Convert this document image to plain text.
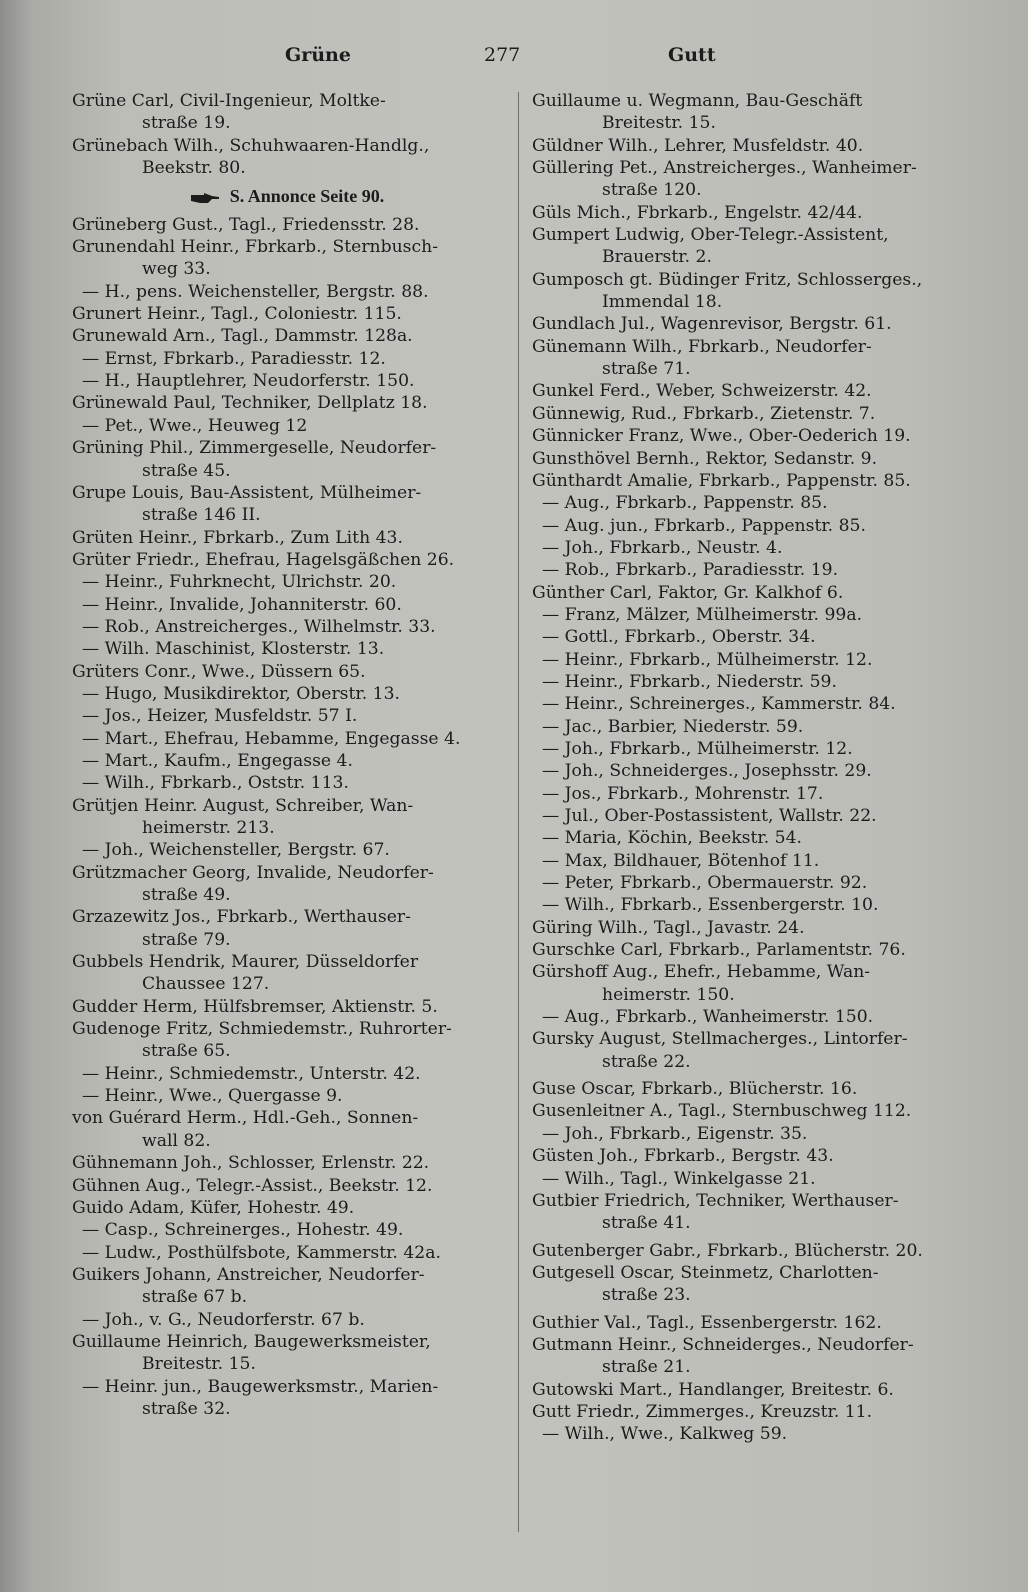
Grüne	277	Gutt
Grüne Carl, Civil-Ingenieur, Moltke-
straße 19.
Grünebach Wilh., Schuhwaaren-Handlg.,
Beekstr. 80.
S. Annonce Seite 90.
Grüneberg Gust., Tagl., Friedensstr. 28.
Grunendahl Heinr., Fbrkarb., Sternbusch-
weg 33.
— H., pens. Weichensteller, Bergstr. 88.
Grunert Heinr., Tagl., Coloniestr. 115.
Grunewald Arn., Tagl., Dammstr. 128a.
— Ernst, Fbrkarb., Paradiesstr. 12.
— H., Hauptlehrer, Neudorferstr. 150.
Grünewald Paul, Techniker, Dellplatz 18.
— Pet., Wwe., Heuweg 12
Grüning Phil., Zimmergeselle, Neudorfer-
straße 45.
Grupe Louis, Bau-Assistent, Mülheimer-
straße 146 II.
Grüten Heinr., Fbrkarb., Zum Lith 43.
Grüter Friedr., Ehefrau, Hagelsgäßchen 26.
— Heinr., Fuhrknecht, Ulrichstr. 20.
— Heinr., Invalide, Johanniterstr. 60.
— Rob., Anstreicherges., Wilhelmstr. 33.
— Wilh. Maschinist, Klosterstr. 13.
Grüters Conr., Wwe., Düssern 65.
— Hugo, Musikdirektor, Oberstr. 13.
— Jos., Heizer, Musfeldstr. 57 I.
— Mart., Ehefrau, Hebamme, Engegasse 4.
— Mart., Kaufm., Engegasse 4.
— Wilh., Fbrkarb., Oststr. 113.
Grütjen Heinr. August, Schreiber, Wan-
heimerstr. 213.
— Joh., Weichensteller, Bergstr. 67.
Grützmacher Georg, Invalide, Neudorfer-
straße 49.
Grzazewitz Jos., Fbrkarb., Werthauser-
straße 79.
Gubbels Hendrik, Maurer, Düsseldorfer
Chaussee 127.
Gudder Herm, Hülfsbremser, Aktienstr. 5.
Gudenoge Fritz, Schmiedemstr., Ruhrorter-
straße 65.
— Heinr., Schmiedemstr., Unterstr. 42.
— Heinr., Wwe., Quergasse 9.
von Guérard Herm., Hdl.-Geh., Sonnen-
wall 82.
Gühnemann Joh., Schlosser, Erlenstr. 22.
Gühnen Aug., Telegr.-Assist., Beekstr. 12.
Guido Adam, Küfer, Hohestr. 49.
— Casp., Schreinerges., Hohestr. 49.
— Ludw., Posthülfsbote, Kammerstr. 42a.
Guikers Johann, Anstreicher, Neudorfer-
straße 67 b.
— Joh., v. G., Neudorferstr. 67 b.
Guillaume Heinrich, Baugewerksmeister,
Breitestr. 15.
— Heinr. jun., Baugewerksmstr., Marien-
straße 32.
Guillaume u. Wegmann, Bau-Geschäft
Breitestr. 15.
Güldner Wilh., Lehrer, Musfeldstr. 40.
Güllering Pet., Anstreicherges., Wanheimer-
straße 120.
Güls Mich., Fbrkarb., Engelstr. 42/44.
Gumpert Ludwig, Ober-Telegr.-Assistent,
Brauerstr. 2.
Gumposch gt. Büdinger Fritz, Schlosserges.,
Immendal 18.
Gundlach Jul., Wagenrevisor, Bergstr. 61.
Günemann Wilh., Fbrkarb., Neudorfer-
straße 71.
Gunkel Ferd., Weber, Schweizerstr. 42.
Günnewig, Rud., Fbrkarb., Zietenstr. 7.
Günnicker Franz, Wwe., Ober-Oederich 19.
Gunsthövel Bernh., Rektor, Sedanstr. 9.
Günthardt Amalie, Fbrkarb., Pappenstr. 85.
— Aug., Fbrkarb., Pappenstr. 85.
— Aug. jun., Fbrkarb., Pappenstr. 85.
— Joh., Fbrkarb., Neustr. 4.
— Rob., Fbrkarb., Paradiesstr. 19.
Günther Carl, Faktor, Gr. Kalkhof 6.
— Franz, Mälzer, Mülheimerstr. 99a.
— Gottl., Fbrkarb., Oberstr. 34.
— Heinr., Fbrkarb., Mülheimerstr. 12.
— Heinr., Fbrkarb., Niederstr. 59.
— Heinr., Schreinerges., Kammerstr. 84.
— Jac., Barbier, Niederstr. 59.
— Joh., Fbrkarb., Mülheimerstr. 12.
— Joh., Schneiderges., Josephsstr. 29.
— Jos., Fbrkarb., Mohrenstr. 17.
— Jul., Ober-Postassistent, Wallstr. 22.
— Maria, Köchin, Beekstr. 54.
— Max, Bildhauer, Bötenhof 11.
— Peter, Fbrkarb., Obermauerstr. 92.
— Wilh., Fbrkarb., Essenbergerstr. 10.
Güring Wilh., Tagl., Javastr. 24.
Gurschke Carl, Fbrkarb., Parlamentstr. 76.
Gürshoff Aug., Ehefr., Hebamme, Wan-
heimerstr. 150.
— Aug., Fbrkarb., Wanheimerstr. 150.
Gursky August, Stellmacherges., Lintorfer-
straße 22.
Guse Oscar, Fbrkarb., Blücherstr. 16.
Gusenleitner A., Tagl., Sternbuschweg 112.
— Joh., Fbrkarb., Eigenstr. 35.
Güsten Joh., Fbrkarb., Bergstr. 43.
— Wilh., Tagl., Winkelgasse 21.
Gutbier Friedrich, Techniker, Werthauser-
straße 41.
Gutenberger Gabr., Fbrkarb., Blücherstr. 20.
Gutgesell Oscar, Steinmetz, Charlotten-
straße 23.
Guthier Val., Tagl., Essenbergerstr. 162.
Gutmann Heinr., Schneiderges., Neudorfer-
straße 21.
Gutowski Mart., Handlanger, Breitestr. 6.
Gutt Friedr., Zimmerges., Kreuzstr. 11.
— Wilh., Wwe., Kalkweg 59.
